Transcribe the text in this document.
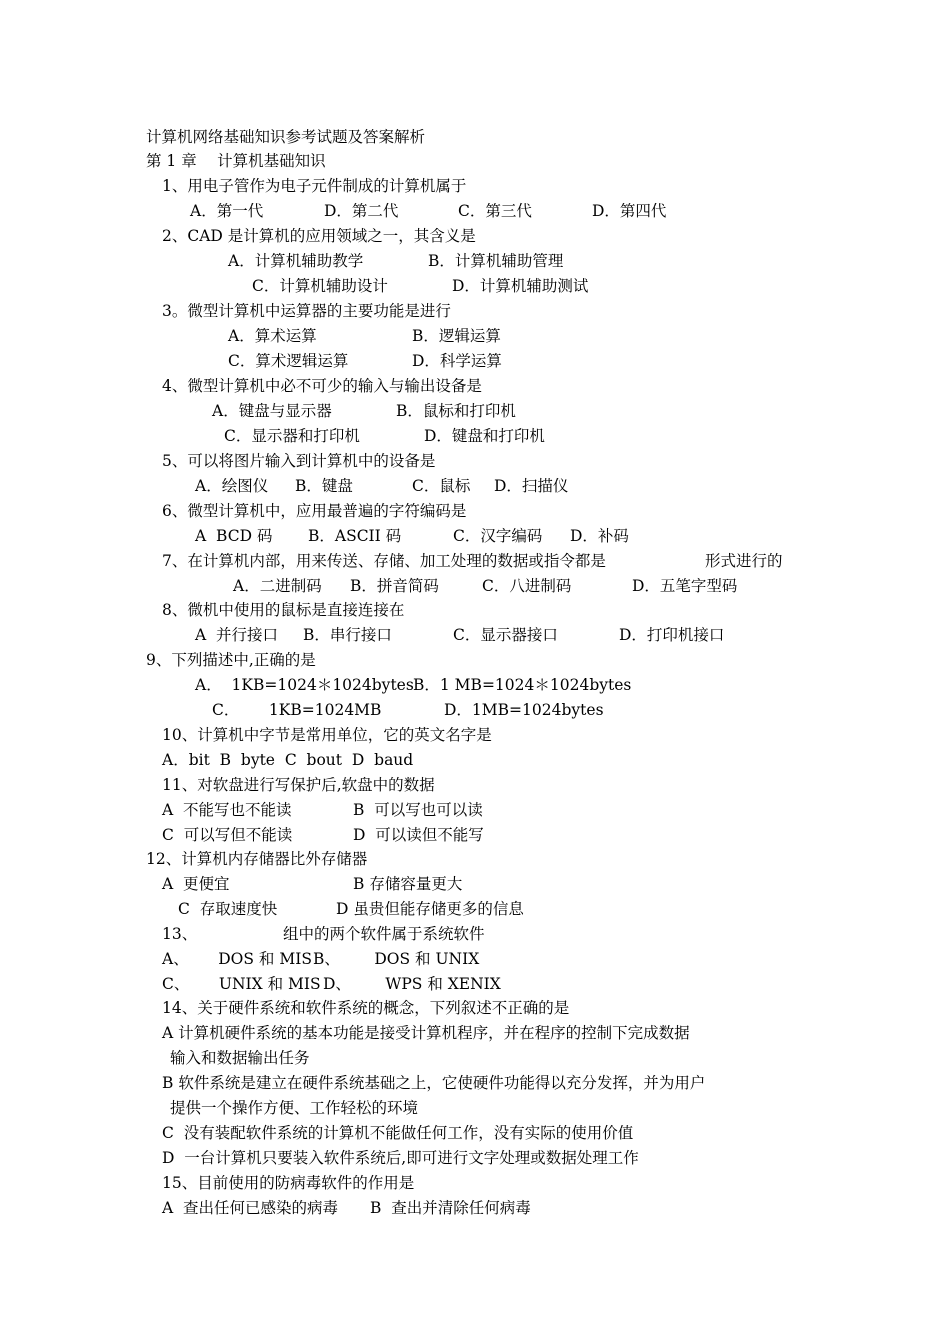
计算机网络基础知识参考试题及答案解析
第 1 章　 计算机基础知识
1、用电子管作为电子元件制成的计算机属于
A．第一代	D．第二代	C．第三代	D．第四代
2、CAD 是计算机的应用领域之一，其含义是
A．计算机辅助教学	B．计算机辅助管理
C．计算机辅助设计	D．计算机辅助测试
3。微型计算机中运算器的主要功能是进行
A．算术运算	B．逻辑运算
C．算术逻辑运算	D．科学运算
4、微型计算机中必不可少的输入与输出设备是
A．键盘与显示器	B．鼠标和打印机
C．显示器和打印机	D．键盘和打印机
5、可以将图片输入到计算机中的设备是
A．绘图仪 B．键盘	C．鼠标 D．扫描仪
6、微型计算机中，应用最普遍的字符编码是
A  BCD 码 B．ASCII 码	C．汉字编码 D．补码
7、在计算机内部，用来传送、存储、加工处理的数据或指令都是	形式进行的
A．二进制码 B．拼音简码	C．八进制码	D．五笔字型码
8、微机中使用的鼠标是直接连接在
A  并行接口 B．串行接口	C．显示器接口	D．打印机接口
9、下列描述中,正确的是
A．  1KB=1024＊1024bytes B．1 MB=1024＊1024bytes
C．      1KB=1024MB	D．1MB=1024bytes
10、计算机中字节是常用单位，它的英文名字是
A．bit  B  byte  C  bout  D  baud
11、对软盘进行写保护后,软盘中的数据
A  不能写也不能读	B  可以写也可以读
C  可以写但不能读	D  可以读但不能写
12、计算机内存储器比外存储器
A  更便宜	B 存储容量更大
C  存取速度快	D 虽贵但能存储更多的信息
13、	组中的两个软件属于系统软件
A、      DOS 和 MIS B、       DOS 和 UNIX
C、      UNIX 和 MIS D、       WPS 和 XENIX
14、关于硬件系统和软件系统的概念，下列叙述不正确的是
A 计算机硬件系统的基本功能是接受计算机程序，并在程序的控制下完成数据
输入和数据输出任务
B 软件系统是建立在硬件系统基础之上，它使硬件功能得以充分发挥，并为用户
提供一个操作方便、工作轻松的环境
C  没有装配软件系统的计算机不能做任何工作，没有实际的使用价值
D  一台计算机只要装入软件系统后,即可进行文字处理或数据处理工作
15、目前使用的防病毒软件的作用是
A  查出任何已感染的病毒 B  查出并清除任何病毒
